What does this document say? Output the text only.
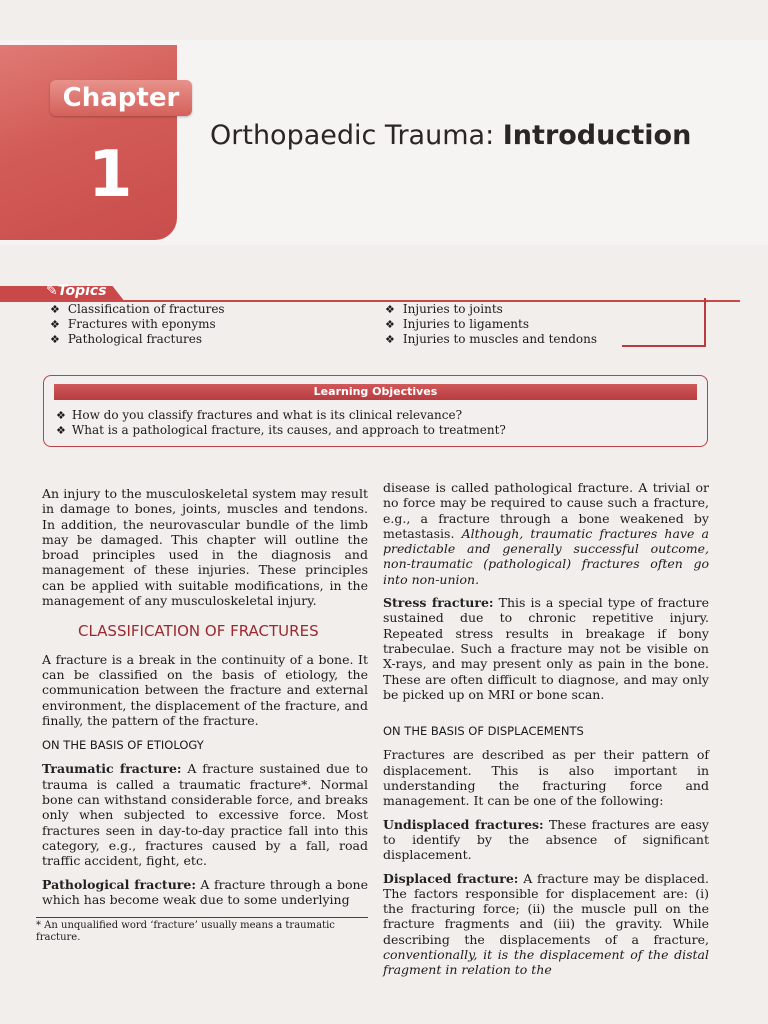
Chapter
1
Orthopaedic Trauma: Introduction
✎Topics
❖ Classification of fractures
❖ Fractures with eponyms
❖ Pathological fractures
❖ Injuries to joints
❖ Injuries to ligaments
❖ Injuries to muscles and tendons
Learning Objectives
❖ How do you classify fractures and what is its clinical relevance?
❖ What is a pathological fracture, its causes, and approach to treatment?

An injury to the musculoskeletal system may result in damage to bones, joints, muscles and tendons. In addition, the neurovascular bundle of the limb may be damaged. This chapter will outline the broad principles used in the diagnosis and management of these injuries. These principles can be applied with suitable modifications, in the management of any musculoskeletal injury.

CLASSIFICATION OF FRACTURES

A fracture is a break in the continuity of a bone. It can be classified on the basis of etiology, the communication between the fracture and external environment, the displacement of the fracture, and finally, the pattern of the fracture.

ON THE BASIS OF ETIOLOGY

Traumatic fracture: A fracture sustained due to trauma is called a traumatic fracture*. Normal bone can withstand considerable force, and breaks only when subjected to excessive force. Most fractures seen in day-to-day practice fall into this category, e.g., fractures caused by a fall, road traffic accident, fight, etc.

Pathological fracture: A fracture through a bone which has become weak due to some underlying

* An unqualified word ‘fracture’ usually means a traumatic fracture.

disease is called pathological fracture. A trivial or no force may be required to cause such a fracture, e.g., a fracture through a bone weakened by metastasis. Although, traumatic fractures have a predictable and generally successful outcome, non-traumatic (pathological) fractures often go into non-union.

Stress fracture: This is a special type of fracture sustained due to chronic repetitive injury. Repeated stress results in breakage if bony trabeculae. Such a fracture may not be visible on X-rays, and may present only as pain in the bone. These are often difficult to diagnose, and may only be picked up on MRI or bone scan.

ON THE BASIS OF DISPLACEMENTS

Fractures are described as per their pattern of displacement. This is also important in understanding the fracturing force and management. It can be one of the following:

Undisplaced fractures: These fractures are easy to identify by the absence of significant displacement.

Displaced fracture: A fracture may be displaced. The factors responsible for displacement are: (i) the fracturing force; (ii) the muscle pull on the fracture fragments and (iii) the gravity. While describing the displacements of a fracture, conventionally, it is the displacement of the distal fragment in relation to the
